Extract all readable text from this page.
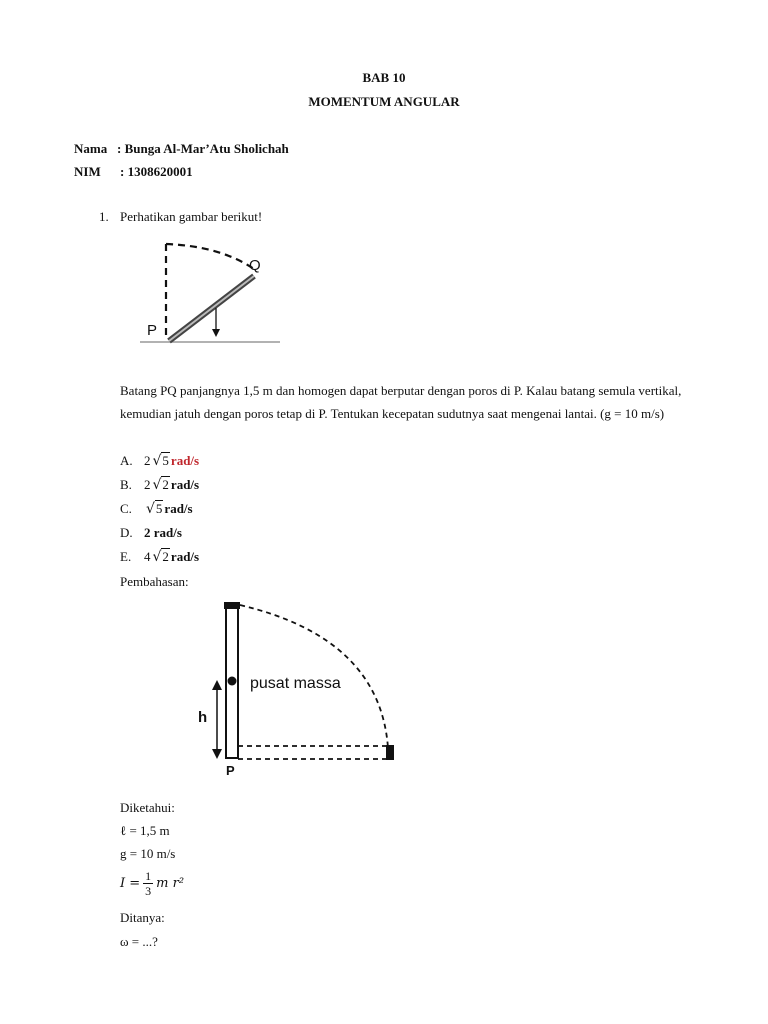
BAB 10
MOMENTUM ANGULAR
Nama : Bunga Al-Mar’Atu Sholichah
NIM : 1308620001
1. Perhatikan gambar berikut!
Q
P
Batang PQ panjangnya 1,5 m dan homogen dapat berputar dengan poros di P. Kalau batang semula vertikal, kemudian jatuh dengan poros tetap di P. Tentukan kecepatan sudutnya saat mengenai lantai. (g = 10 m/s)
A. 2 √5 rad/s
B. 2 √2 rad/s
C. √5 rad/s
D. 2 rad/s
E. 4 √2 rad/s
Pembahasan:
pusat massa
h
P
Diketahui:
ℓ = 1,5 m
g = 10 m/s
$I = \frac{1}{3}$ m r²
Ditanya:
ω = ...?
